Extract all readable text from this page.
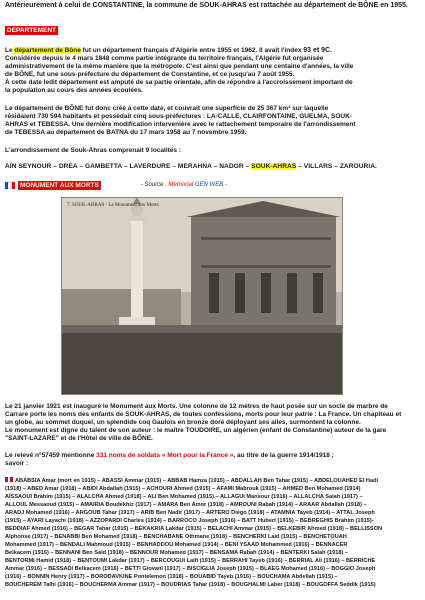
Antérieurement à celui de CONSTANTINE, la commune de SOUK-AHRAS est rattachée au département de BÔNE en 1955.

DEPARTEMENT
Le département de Bône fut un département français d'Algérie entre 1955 et 1962. Il avait l'index 93 et 9C.
Considérée depuis le 4 mars 1848 comme partie intégrante du territoire français, l'Algérie fut organisée
administrativement de la même manière que la métropole. C'est ainsi que pendant une centaine d'années, la ville
de BÔNE, fut une sous-préfecture du département de Constantine, et ce jusqu'au 7 août 1955.
À cette date ledit département est amputé de sa partie orientale, afin de répondre à l'accroissement important de
la population au cours des années écoulées.
Le département de BÔNE fut donc créé à cette date, et couvrait une superficie de 25 367 km² sur laquelle
résidaient 730 594 habitants et possédait cinq sous-préfectures : LA-CALLE, CLAIRFONTAINE, GUELMA, SOUK-
AHRAS et TEBESSA. Une dernière modification intervenière avec le rattachement temporaire de l'arrondissement
de TEBESSA au département de BATNA du 17 mars 1958 au 7 novembre 1959.
L'arrondissement de Souk-Ahras comprenait 9 localités :
AÏN SEYNOUR – DREA – GAMBETTA – LAVERDURE – MERAHNA – NADOR – SOUK-AHRAS – VILLARS – ZAROURIA.
MONUMENT AUX MORTS	- Source : Mémorial GEN WEB -
7. SOUK-AHRAS - Le Monument aux Morts
Le 21 janvier 1921 est inauguré le Monument aux Morts. Une colonne de 12 mètres de haut posée sur un socle de marbre de
Carrare porte les noms des enfants de SOUK-AHRAS, de toutes confessions, morts pour leur patrie : La France. Un chapiteau et
un globe, au sommet duquel, un splendide coq Gaulois en bronze doré déployant ses ailes, surmontent la colonne.
Le monument est digne du talent de son auteur : le maître TOUDOIRE, un algérien (enfant de Constantine) auteur de la gare
"SAINT-LAZARE" et de l'Hôtel de ville de BÔNE.
Le relevé n°57459 mentionne 331 noms de soldats « Mort pour la France », au titre de la guerre 1914/1918 ;
savoir :
ABABSIA Amar (mort en 1915) – ABASSI Ammar (1915) – ABBAB Hamza (1915) – ABDALLAH Ben Tahar (1915) – ABDELOUAHED El Hadi
(1918) – ABED Amar (1918) – ABIDI Abdallah (1915) – ACHOURI Ahmed (1915) – AFAMI Mabrouk (1915) – AHMED Ben Mohamed (1914)
AÏSSAOUI Brahim (1915) – ALALCHA Ahmed (1918) – ALI Ben Mohamed (1915) – ALLAGUI Mansour (1916) – ALLALCHA Salah (1917) –
ALLOUL Messaoud (1915) – AMAIRIA Boudekhiz (1917) – AMARA Ben Amor (1918) – AMROUNI Rabah (1914) – ARAAR Abdallah (1918) –
ARADJ Mohamed (1916) – ARGOUB Tahar (1917) – ARIB Ben Nadir (1917) – ARTERO Diégo (1918) – ATAMNIA Tayeb (1914) – ATTAL Joseph
(1915) – AYARI Layachi (1918) – AZZOPARDI Charles (1914) – BARROCO Joseph (1916) – BATT Hubert (1915) – BEBREGHIS Brahim (1915)-
BEDDIAF Ahmed (1916) – BEGAR Tahar (1915) – BEKAKRIA Lakdar (1915) – BELACHI Ammar (1915) – BELKEBIR Ahmed (1918) – BELLISSON
Alphonse (1917) – BENABBI Ben Mohamed (1918) – BENCHABANE Othmane (1918) – BENCHERKI Laid (1915) – BENCHETOUAH
Mohammed (1917) – BENDALI Mahmoud (1915) – BENHADDOU Mohamed (1914) – BENI YSAAD Mohammed (1916) – BENNACER
Belkacem (1916) – BENNANI Ben Saïd (1918) – BENNOUR Mohamed (1917) – BENSAMA Rabah (1914) – BENTERKI Salah (1918) –
BENTORMI Hamid (1918) – BENTOUMI Lakdar (1917) – BERCOUGUI Laifi (1915) – BERRAHI Tayeb (1916) – BERRIAL Ali (1916) – BERRICHE
Ammar (1916) – BESSADI Belkacem (1916) – BETTI Giovani (1917) – BISCIGLIA Joseph (1915) – BLAEG Mohamed (1916) – BOGGIO Joseph
(1916) – BONNIN Henry (1917) – BORODAVKINE Pontelemon (1918) – BOUABID Tayeb (1916) – BOUCHAMA Abdellah (1915) –
BOUCHEREM Talhi (1916) – BOUCHERMA Ammar (1917) – BOUDRIAS Tahar (1918) – BOUGHALMI Laber (1918) – BOUGOFFA Seddik (1915)
